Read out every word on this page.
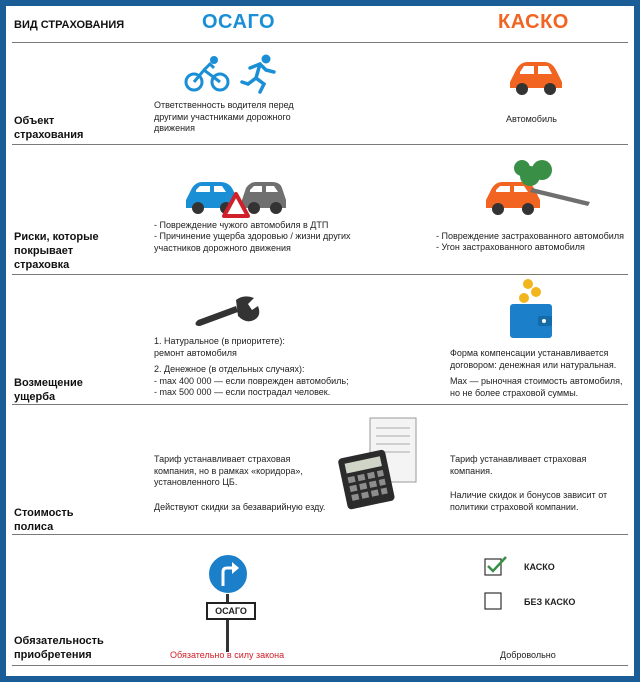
ВИД СТРАХОВАНИЯ	ОСАГО	КАСКО
Объект страхования
Ответственность водителя перед другими участниками дорожного движения
Автомобиль
Риски, которые покрывает страховка
- Повреждение чужого автомобиля в ДТП
- Причинение ущерба здоровью / жизни других участников дорожного движения
- Повреждение застрахованного автомобиля
- Угон застрахованного автомобиля
Возмещение ущерба
1. Натуральное (в приоритете): ремонт автомобиля
2. Денежное (в отдельных случаях):
- max 400 000 — если поврежден автомобиль;
- max 500 000 — если пострадал человек.
Форма компенсации устанавливается договором: денежная или натуральная.
Max — рыночная стоимость автомобиля, но не более страховой суммы.
Стоимость полиса
Тариф устанавливает страховая компания, но в рамках «коридора», установленного ЦБ.
Действуют скидки за безаварийную езду.
Тариф устанавливает страховая компания.
Наличие скидок и бонусов зависит от политики страховой компании.
Обязательность приобретения
ОСАГО
Обязательно в силу закона
КАСКО
БЕЗ КАСКО
Добровольно
